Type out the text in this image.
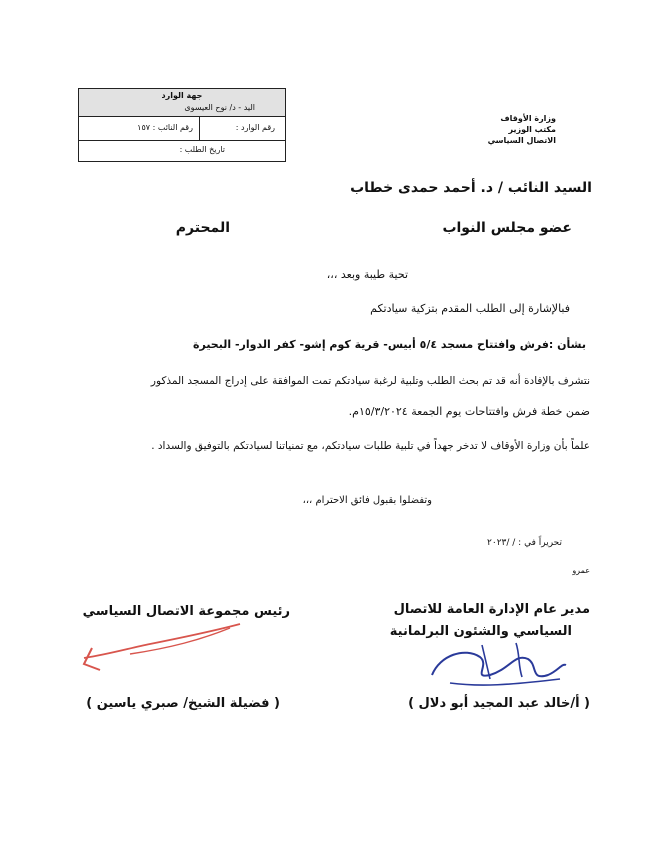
جهة الوارد
اليد - د/ نوح العيسوى
رقم الوارد :
رقم النائب : ١٥٧
تاريخ الطلب :
وزارة الأوقاف
مكتب الوزير
الاتصال السياسي
السيد النائب / د. أحمد حمدى خطاب
عضو مجلس النواب
المحترم
تحية طيبة وبعد ،،،
فبالإشارة إلى الطلب المقدم بتزكية سيادتكم
بشأن :فرش وافتتاح مسجد ٥/٤ أبيس- قرية كوم إشو- كفر الدوار- البحيرة
نتشرف بالإفادة أنه قد تم بحث الطلب وتلبية لرغبة سيادتكم تمت الموافقة على إدراج المسجد المذكور
ضمن خطة فرش وافتتاحات يوم الجمعة ١٥/٣/٢٠٢٤م.
علماً بأن وزارة الأوقاف لا تدخر جهداً في تلبية طلبات سيادتكم، مع تمنياتنا لسيادتكم بالتوفيق والسداد .
وتفضلوا بقبول فائق الاحترام ،،،
تحريراً في : / /٢٠٢٣
عمرو
مدير عام الإدارة العامة للاتصال
السياسي والشئون البرلمانية
( أ/خالد عبد المجيد أبو دلال )
رئيس مجموعة الاتصال السياسي
( فضيلة الشيخ/ صبري ياسين )
